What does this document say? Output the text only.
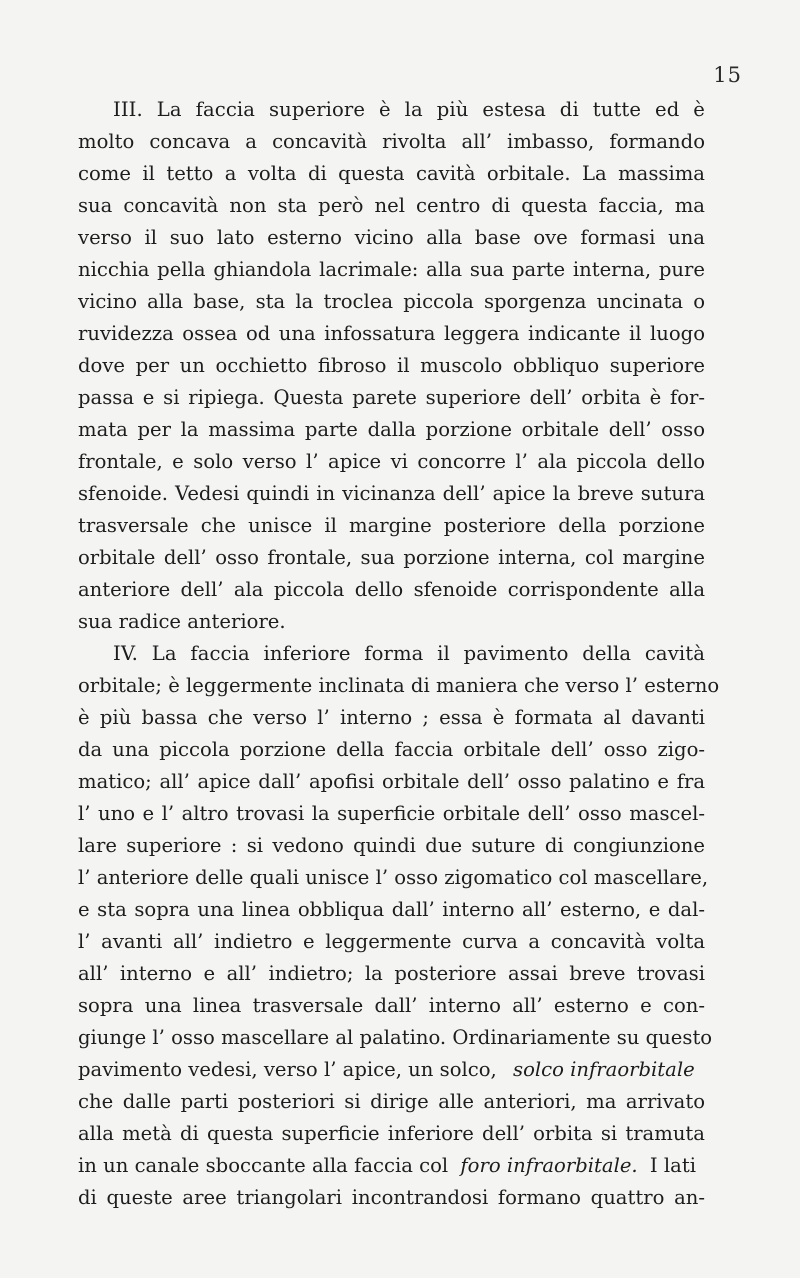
15
III. La faccia superiore è la più estesa di tutte ed è
molto concava a concavità rivolta all’ imbasso, formando
come il tetto a volta di questa cavità orbitale. La massima
sua concavità non sta però nel centro di questa faccia, ma
verso il suo lato esterno vicino alla base ove formasi una
nicchia pella ghiandola lacrimale: alla sua parte interna, pure
vicino alla base, sta la troclea piccola sporgenza uncinata o
ruvidezza ossea od una infossatura leggera indicante il luogo
dove per un occhietto fibroso il muscolo obbliquo superiore
passa e si ripiega. Questa parete superiore dell’ orbita è for-
mata per la massima parte dalla porzione orbitale dell’ osso
frontale, e solo verso l’ apice vi concorre l’ ala piccola dello
sfenoide. Vedesi quindi in vicinanza dell’ apice la breve sutura
trasversale che unisce il margine posteriore della porzione
orbitale dell’ osso frontale, sua porzione interna, col margine
anteriore dell’ ala piccola dello sfenoide corrispondente alla
sua radice anteriore.
IV. La faccia inferiore forma il pavimento della cavità
orbitale; è leggermente inclinata di maniera che verso l’ esterno
è più bassa che verso l’ interno ; essa è formata al davanti
da una piccola porzione della faccia orbitale dell’ osso zigo-
matico; all’ apice dall’ apofisi orbitale dell’ osso palatino e fra
l’ uno e l’ altro trovasi la superficie orbitale dell’ osso mascel-
lare superiore : si vedono quindi due suture di congiunzione
l’ anteriore delle quali unisce l’ osso zigomatico col mascellare,
e sta sopra una linea obbliqua dall’ interno all’ esterno, e dal-
l’ avanti all’ indietro e leggermente curva a concavità volta
all’ interno e all’ indietro; la posteriore assai breve trovasi
sopra una linea trasversale dall’ interno all’ esterno e con-
giunge l’ osso mascellare al palatino. Ordinariamente su questo
pavimento vedesi, verso l’ apice, un solco, solco infraorbitale
che dalle parti posteriori si dirige alle anteriori, ma arrivato
alla metà di questa superficie inferiore dell’ orbita si tramuta
in un canale sboccante alla faccia col foro infraorbitale. I lati
di queste aree triangolari incontrandosi formano quattro an-
